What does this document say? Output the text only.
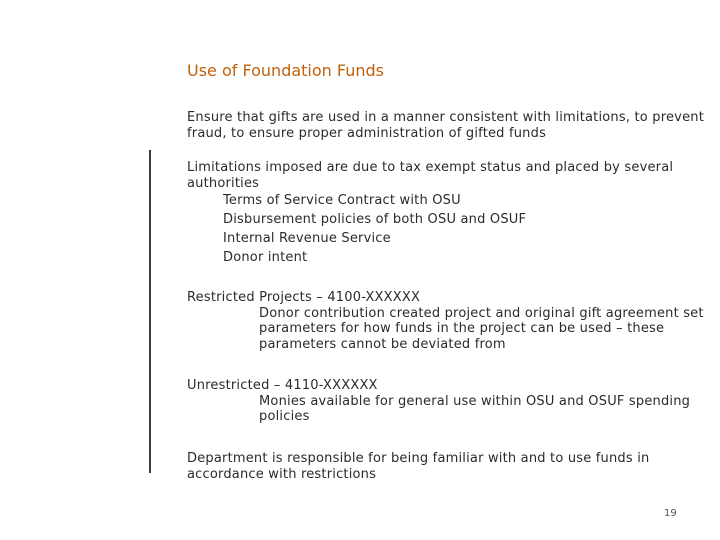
Use of Foundation Funds
Ensure that gifts are used in a manner consistent with limitations, to prevent fraud, to ensure proper administration of gifted funds
Limitations imposed are due to tax exempt status and placed by several authorities
Terms of Service Contract with OSU
Disbursement policies of both OSU and OSUF
Internal Revenue Service
Donor intent
Restricted Projects – 4100-XXXXXX
Donor contribution created project and original gift agreement set parameters for how funds in the project can be used – these parameters cannot be deviated from
Unrestricted – 4110-XXXXXX
Monies available for general use within OSU and OSUF spending policies
Department is responsible for being familiar with and to use funds in accordance with restrictions
19
